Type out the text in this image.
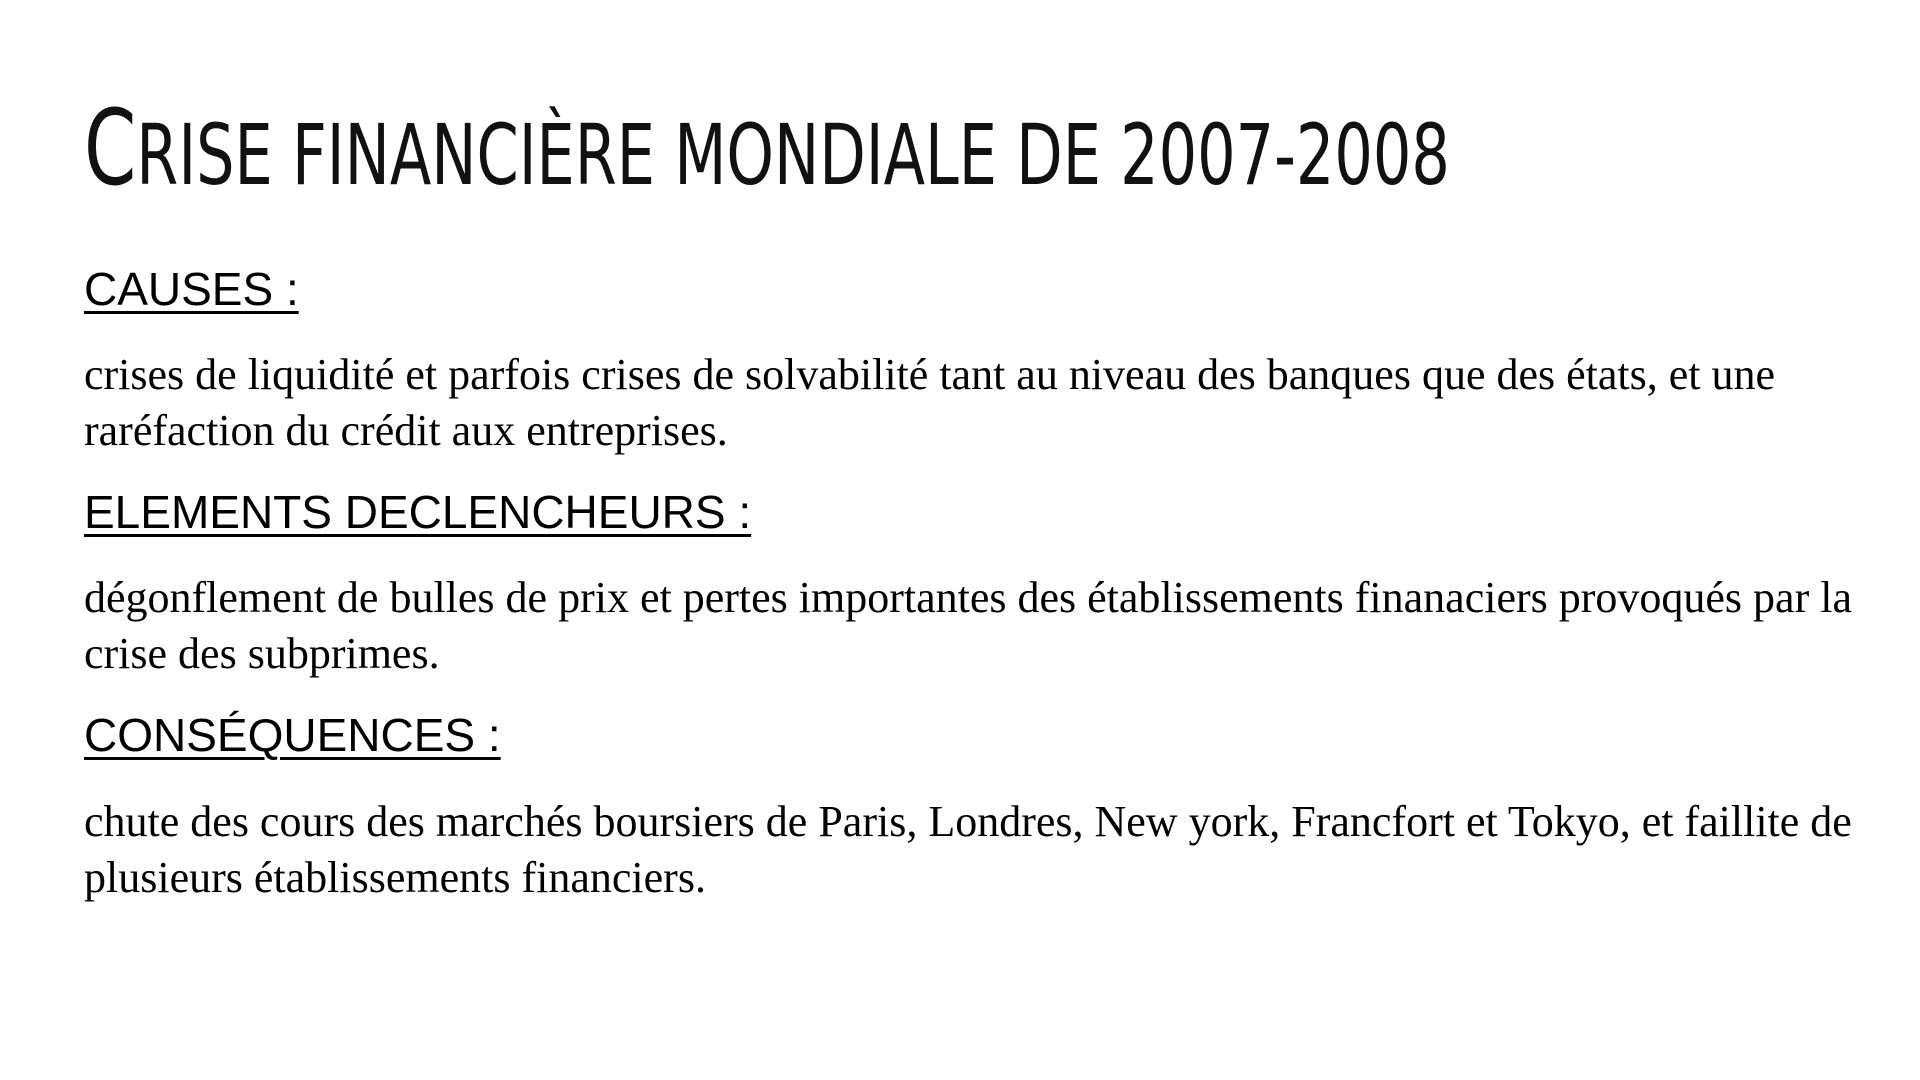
CRISE FINANCIÈRE MONDIALE DE 2007-2008
CAUSES :

crises de liquidité et parfois crises de solvabilité tant au niveau des banques que des états, et une raréfaction du crédit aux entreprises.

ELEMENTS DECLENCHEURS :

dégonflement de bulles de prix et pertes importantes des établissements finanaciers provoqués par la crise des subprimes.

CONSÉQUENCES :

chute des cours des marchés boursiers de Paris, Londres, New york, Francfort et Tokyo, et faillite de plusieurs établissements financiers.
